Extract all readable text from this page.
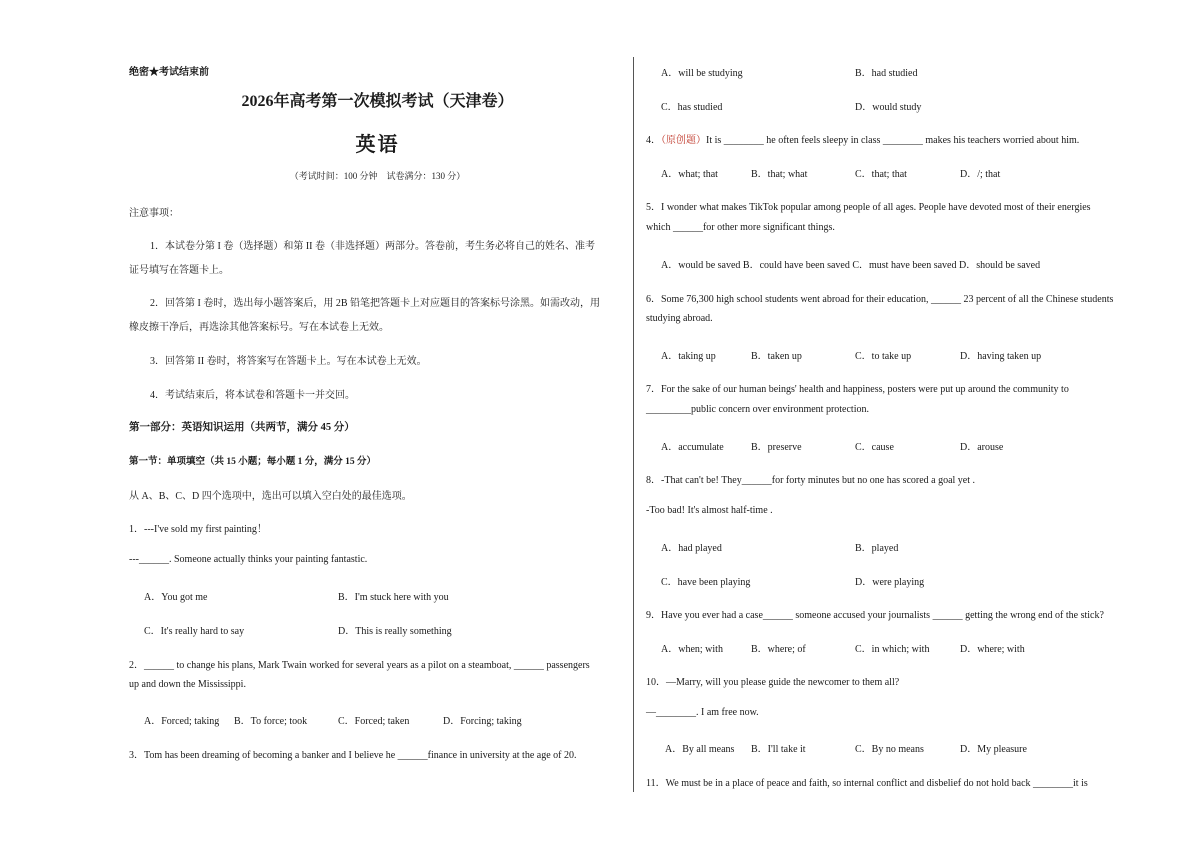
绝密★考试结束前
2026年高考第一次模拟考试（天津卷）
英语
（考试时间：100 分钟　试卷满分：130 分）
注意事项：
1．本试卷分第 I 卷（选择题）和第 II 卷（非选择题）两部分。答卷前，考生务必将自己的姓名、准考
证号填写在答题卡上。
2．回答第 I 卷时，选出每小题答案后，用 2B 铅笔把答题卡上对应题目的答案标号涂黑。如需改动，用
橡皮擦干净后，再选涂其他答案标号。写在本试卷上无效。
3．回答第 II 卷时，将答案写在答题卡上。写在本试卷上无效。
4．考试结束后，将本试卷和答题卡一并交回。
第一部分：英语知识运用（共两节，满分 45 分）
第一节：单项填空（共 15 小题；每小题 1 分，满分 15 分）
从 A、B、C、D 四个选项中，选出可以填入空白处的最佳选项。
1．---I've sold my first painting！
---______. Someone actually thinks your painting fantastic.
A．You got me	B．I'm stuck here with you
C．It's really hard to say	D．This is really something
2．______ to change his plans, Mark Twain worked for several years as a pilot on a steamboat, ______ passengers
up and down the Mississippi.
A．Forced; taking B．To force; took	C．Forced; taken	D．Forcing; taking
3．Tom has been dreaming of becoming a banker and I believe he ______finance in university at the age of 20.
A．will be studying	B．had studied
C．has studied	D．would study
4．（原创题）It is ________ he often feels sleepy in class ________ makes his teachers worried about him.
A．what; that	B．that; what	C．that; that	D．/; that
5．I wonder what makes TikTok popular among people of all ages. People have devoted most of their energies
which ______for other more significant things.
A．would be saved B．could have been saved C．must have been saved D．should be saved
6．Some 76,300 high school students went abroad for their education, ______ 23 percent of all the Chinese students
studying abroad.
A．taking up	B．taken up	C．to take up	D．having taken up
7．For the sake of our human beings' health and happiness, posters were put up around the community to
_________public concern over environment protection.
A．accumulate	B．preserve	C．cause	D．arouse
8．-That can't be! They______for forty minutes but no one has scored a goal yet .
-Too bad! It's almost half-time .
A．had played	B．played
C．have been playing	D．were playing
9．Have you ever had a case______ someone accused your journalists ______ getting the wrong end of the stick?
A．when; with	B．where; of	C．in which; with	D．where; with
10．—Marry, will you please guide the newcomer to them all?
—________. I am free now.
A．By all means B．I'll take it	C．By no means	D．My pleasure
11．We must be in a place of peace and faith, so internal conflict and disbelief do not hold back ________it is
